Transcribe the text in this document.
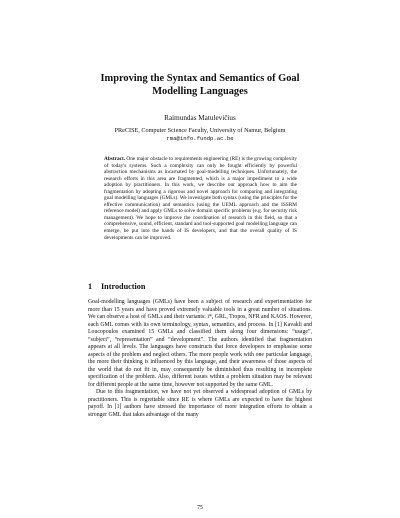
Improving the Syntax and Semantics of Goal
Modelling Languages
Raimundas Matulevičius
PReCISE, Computer Science Faculty, University of Namur, Belgium
rma@info.fundp.ac.be

Abstract. One major obstacle to requirements engineering (RE) is the growing complexity of today's systems. Such a complexity can only be fought efficiently by powerful abstraction mechanisms as incarnated by goal-modelling techniques. Unfortunately, the research efforts in this area are fragmented, which is a major impediment to a wide adoption by practitioners. In this work, we describe our approach how to aim the fragmentation by adopting a rigorous and novel approach for comparing and integrating goal modelling languages (GMLs). We investigate both syntax (using the principles for the effective communication) and semantics (using the UEML approach and the ISSRM reference model) and apply GMLs to solve domain specific problems (e.g. for security risk management). We hope to improve the coordination of research in this field, so that a comprehensive, sound, efficient, standard and tool-supported goal modelling language can emerge, be put into the hands of IS developers, and that the overall quality of IS developments can be improved.

1 Introduction

Goal-modelling languages (GMLs) have been a subject of research and experimentation for more than 15 years and have proved extremely valuable tools in a great number of situations. We can observe a host of GMLs and their variants: i*, GRL, Tropos, NFR and KAOS. However, each GML comes with its own terminology, syntax, semantics, and process. In [1] Kavakli and Loucopoulos examined 15 GMLs and classified them along four dimensions: “usage”, “subject”, “representation” and “development”. The authors identified that fragmentation appears at all levels. The languages have constructs that force developers to emphasise some aspects of the problem and neglect others. The more people work with one particular language, the more their thinking is influenced by this language, and their awareness of those aspects of the world that do not fit in, may consequently be diminished thus resulting in incomplete specification of the problem. Also, different issues within a problem situation may be relevant for different people at the same time, however not supported by the same GML.

Due to this fragmentation, we have not yet observed a widespread adoption of GMLs by practitioners. This is regrettable since RE is where GMLs are expected to have the highest payoff. In [1] authors have stressed the importance of more integration efforts to obtain a stronger GML that takes advantage of the many

75
